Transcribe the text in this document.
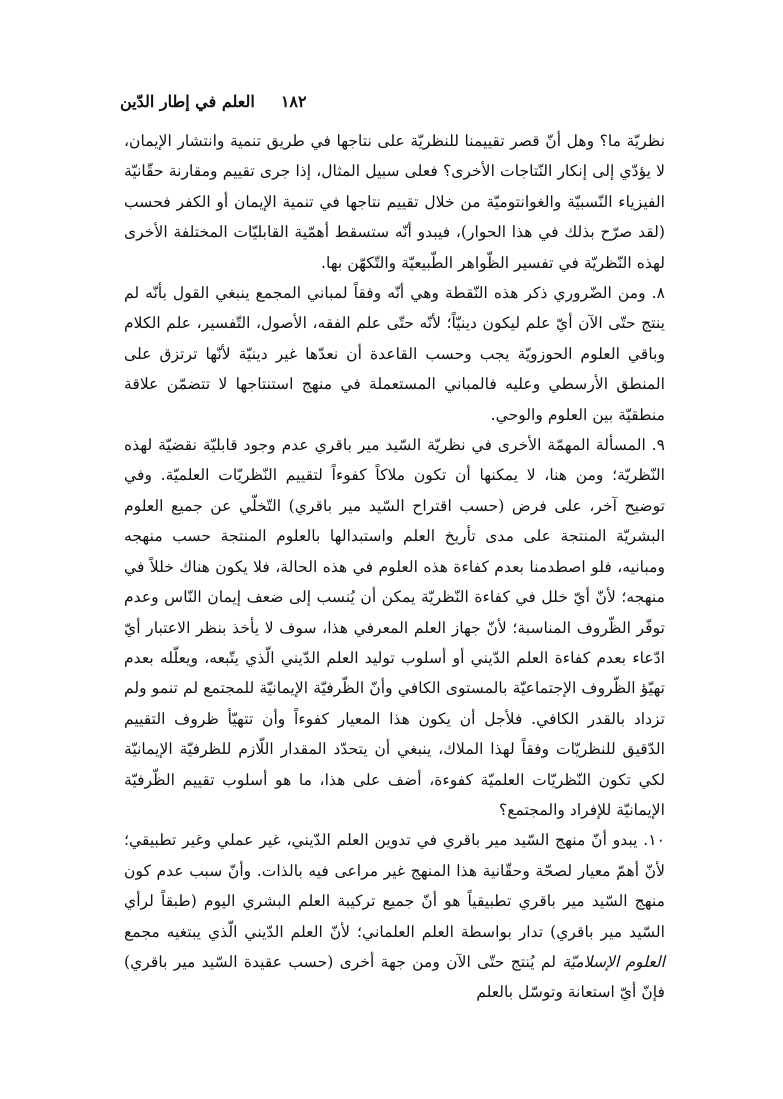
١٨٢
العلم في إطار الدّين

نظريّة ما؟ وهل أنّ قصر تقييمنا للنظريّة على نتاجها في طريق تنمية وانتشار الإيمان، لا يؤدّي إلى إنكار النّتاجات الأخرى؟ فعلى سبيل المثال، إذا جرى تقييم ومقارنة حقّانيّة الفيزياء النّسبيّة والغوانتوميّة من خلال تقييم نتاجها في تنمية الإيمان أو الكفر فحسب (لقد صرّح بذلك في هذا الحوار)، فيبدو أنّه ستسقط أهمّية القابليّات المختلفة الأخرى لهذه النّظريّة في تفسير الظّواهر الطّبيعيّة والتّكهّن بها.

٨. ومن الضّروري ذكر هذه النّقطة وهي أنّه وفقاً لمباني المجمع ينبغي القول بأنّه لم ينتج حتّى الآن أيّ علم ليكون دينيّاً؛ لأنّه حتّى علم الفقه، الأصول، التّفسير، علم الكلام وباقي العلوم الحوزويّة يجب وحسب القاعدة أن نعدّها غير دينيّة لأنّها ترتزق على المنطق الأرسطي وعليه فالمباني المستعملة في منهج استنتاجها لا تتضمّن علاقة منطقيّة بين العلوم والوحي.

٩. المسألة المهمّة الأخرى في نظريّة السّيد مير باقري عدم وجود قابليّة نقضيّة لهذه النّظريّة؛ ومن هنا، لا يمكنها أن تكون ملاكاً كفوءاً لتقييم النّظريّات العلميّة. وفي توضيح آخر، على فرض (حسب اقتراح السّيد مير باقري) التّخلّي عن جميع العلوم البشريّة المنتجة على مدى تأريخ العلم واستبدالها بالعلوم المنتجة حسب منهجه ومبانيه، فلو اصطدمنا بعدم كفاءة هذه العلوم في هذه الحالة، فلا يكون هناك خللاً في منهجه؛ لأنّ أيّ خلل في كفاءة النّظريّة يمكن أن يُنسب إلى ضعف إيمان النّاس وعدم توفّر الظّروف المناسبة؛ لأنّ جهاز العلم المعرفي هذا، سوف لا يأخذ بنظر الاعتبار أيّ ادّعاء بعدم كفاءة العلم الدّيني أو أسلوب توليد العلم الدّيني الّذي يتّبعه، ويعلّله بعدم تهيّؤ الظّروف الإجتماعيّة بالمستوى الكافي وأنّ الظّرفيّة الإيمانيّة للمجتمع لم تنمو ولم تزداد بالقدر الكافي. فلأجل أن يكون هذا المعيار كفوءاً وأن تتهيّأ ظروف التقييم الدّقيق للنظريّات وفقاً لهذا الملاك، ينبغي أن يتحدّد المقدار اللّازم للظرفيّة الإيمانيّة لكي تكون النّظريّات العلميّة كفوءة، أضف على هذا، ما هو أسلوب تقييم الظّرفيّة الإيمانيّة للإفراد والمجتمع؟

١٠. يبدو أنّ منهج السّيد مير باقري في تدوين العلم الدّيني، غير عملي وغير تطبيقي؛ لأنّ أهمّ معيار لصحّة وحقّانية هذا المنهج غير مراعى فيه بالذات. وأنّ سبب عدم كون منهج السّيد مير باقري تطبيقياً هو أنّ جميع تركيبة العلم البشري اليوم (طبقاً لرأي السّيد مير باقري) تدار بواسطة العلم العلماني؛ لأنّ العلم الدّيني الّذي يبتغيه مجمع العلوم الإسلاميّة لم يُنتج حتّى الآن ومن جهة أخرى (حسب عقيدة السّيد مير باقري) فإنّ أيّ استعانة وتوسّل بالعلم
